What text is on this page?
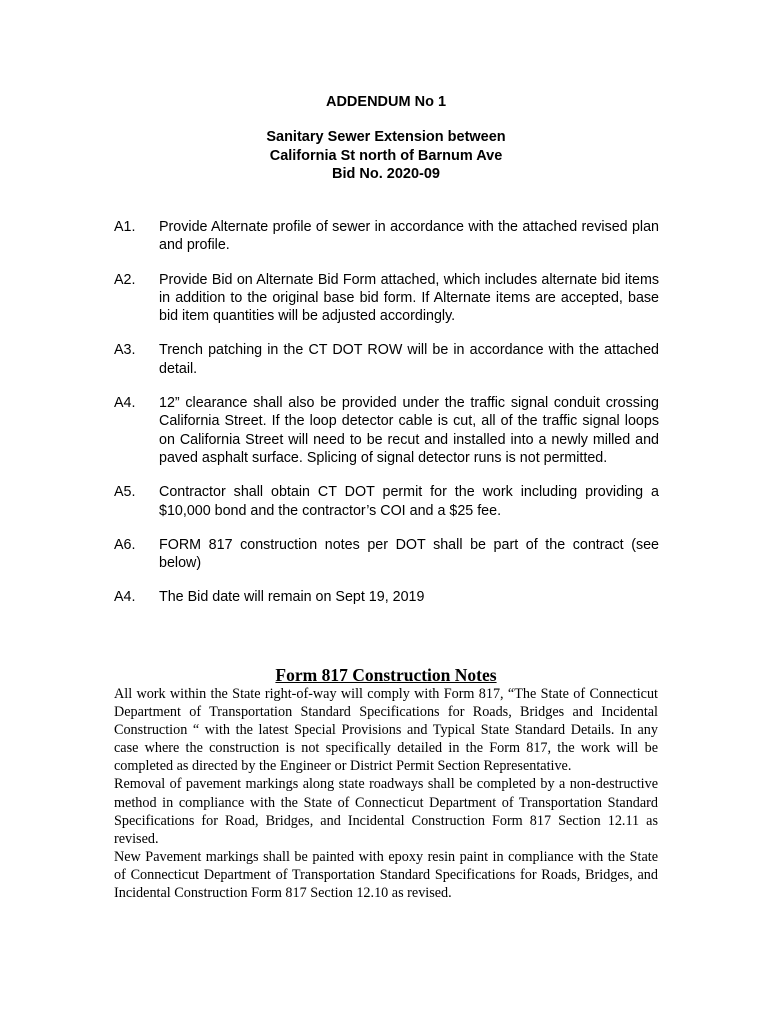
ADDENDUM No 1
Sanitary Sewer Extension between
California St north of Barnum Ave
Bid No. 2020-09
A1.	Provide Alternate profile of sewer in accordance with the attached revised plan and profile.
A2.	Provide Bid on Alternate Bid Form attached, which includes alternate bid items in addition to the original base bid form. If Alternate items are accepted, base bid item quantities will be adjusted accordingly.
A3.	Trench patching in the CT DOT ROW will be in accordance with the attached detail.
A4.	12” clearance shall also be provided under the traffic signal conduit crossing California Street. If the loop detector cable is cut, all of the traffic signal loops on California Street will need to be recut and installed into a newly milled and paved asphalt surface. Splicing of signal detector runs is not permitted.
A5.	Contractor shall obtain CT DOT permit for the work including providing a $10,000 bond and the contractor’s COI and a $25 fee.
A6.	FORM 817 construction notes per DOT shall be part of the contract (see below)
A4.	The Bid date will remain on Sept 19, 2019
Form 817 Construction Notes

All work within the State right-of-way will comply with Form 817, “The State of Connecticut Department of Transportation Standard Specifications for Roads, Bridges and Incidental Construction “ with the latest Special Provisions and Typical State Standard Details. In any case where the construction is not specifically detailed in the Form 817, the work will be completed as directed by the Engineer or District Permit Section Representative.

Removal of pavement markings along state roadways shall be completed by a non-destructive method in compliance with the State of Connecticut Department of Transportation Standard Specifications for Road, Bridges, and Incidental Construction Form 817 Section 12.11 as revised.

New Pavement markings shall be painted with epoxy resin paint in compliance with the State of Connecticut Department of Transportation Standard Specifications for Roads, Bridges, and Incidental Construction Form 817 Section 12.10 as revised.
